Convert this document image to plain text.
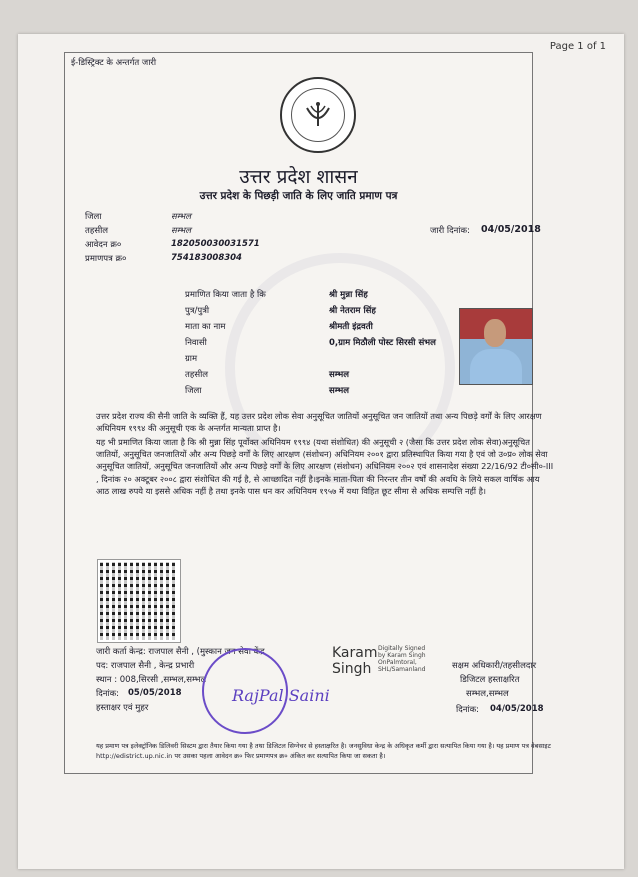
Page 1 of 1
ई-डिस्ट्रिक्ट के अन्तर्गत जारी
उत्तर प्रदेश शासन
उत्तर प्रदेश के पिछड़ी जाति के लिए जाति प्रमाण पत्र
जिला	सम्भल
तहसील	सम्भल	जारी दिनांक: 04/05/2018
आवेदन क्र०	182050030031571
प्रमाणपत्र क्र०	754183008304
प्रमाणित किया जाता है कि	श्री मुन्ना सिंह
पुत्र/पुत्री	श्री नेतराम सिंह
माता का नाम	श्रीमती इंद्रवती
निवासी	0,ग्राम मिठौली पोस्ट सिरसी संभल
ग्राम
तहसील	सम्भल
जिला	सम्भल
उत्तर प्रदेश राज्य की सैनी जाति के व्यक्ति हैं, यह उत्तर प्रदेश लोक सेवा अनुसूचित जातियों अनुसूचित जन जातियों तथा अन्य पिछड़े वर्गों के लिए आरक्षण अधिनियम १९९४ की अनुसूची एक के अन्तर्गत मान्यता प्राप्त है।
यह भी प्रमाणित किया जाता है कि श्री मुन्ना सिंह पूर्वोक्त अधिनियम १९९४ (यथा संशोधित) की अनुसूची २ (जैसा कि उत्तर प्रदेश लोक सेवा)अनुसूचित जातियों, अनुसूचित जनजातियों और अन्य पिछड़े वर्गों के लिए आरक्षण (संशोधन) अधिनियम २००१ द्वारा प्रतिस्थापित किया गया है एवं जो उ०प्र० लोक सेवा अनुसूचित जातियों, अनुसूचित जनजातियों और अन्य पिछड़े वर्गों के लिए आरक्षण (संशोधन) अधिनियम २००२ एवं शासनादेश संख्या 22/16/92 टी०सी०-III , दिनांक २० अक्टूबर २००८ द्वारा संशोधित की गई है, से आच्छादित नहीं है।इनके माता-पिता की निरन्तर तीन वर्षों की अवधि के लिये सकल वार्षिक आय आठ लाख रुपये या इससे अधिक नहीं है तथा इनके पास धन कर अधिनियम १९५७ में यथा विहित छूट सीमा से अधिक सम्पत्ति नहीं है।
जारी कर्ता केन्द्र: राजपाल सैनी , (मुस्कान जन सेवा केंद्र
पद: राजपाल सैनी , केन्द्र प्रभारी
स्थान : 008,सिरसी ,सम्भल,सम्भल
दिनांक: 05/05/2018
हस्ताक्षर एवं मुहर
RajPal Saini
Karam
Singh
Digitally Signed by Karam Singh OnPalmtoral, SHL/Samanland	सक्षम अधिकारी/तहसीलदार
डिजिटल हस्ताक्षरित
सम्भल,सम्भल
दिनांक: 04/05/2018
यह प्रमाण पत्र इलेक्ट्रॉनिक डिलिवरी सिस्टम द्वारा तैयार किया गया है तथा डिजिटल सिग्नेचर से हस्ताक्षरित है। जनसुविधा केन्द्र के अधिकृत कर्मी द्वारा सत्यापित किया गया है। यह प्रमाण पत्र वेबसाइट http://edistrict.up.nic.in पर उसका पहला आवेदन क्र० फिर प्रमाणपत्र क्र० अंकित कर सत्यापित किया जा सकता है।
